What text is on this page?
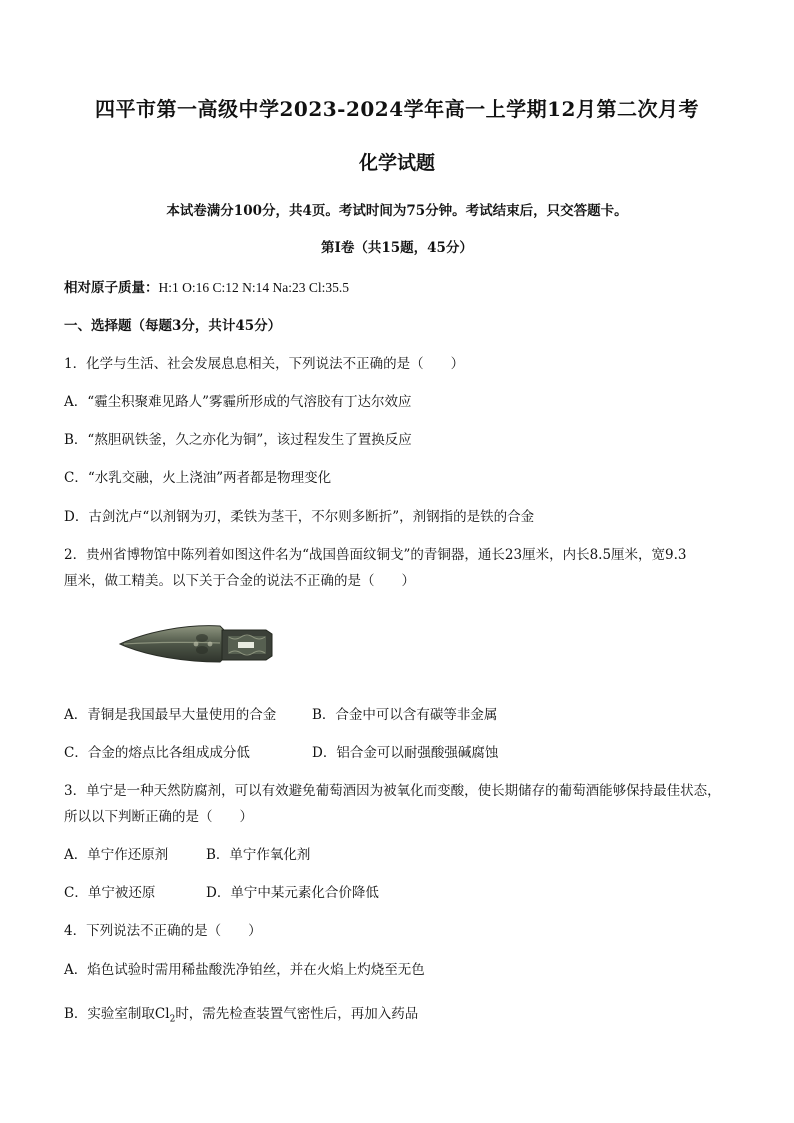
四平市第一高级中学2023-2024学年高一上学期12月第二次月考
化学试题
本试卷满分100分，共4页。考试时间为75分钟。考试结束后，只交答题卡。
第Ⅰ卷（共15题，45分）
相对原子质量：H:1 O:16 C:12 N:14 Na:23 Cl:35.5
一、选择题（每题3分，共计45分）
1．化学与生活、社会发展息息相关，下列说法不正确的是（　　）
A．“霾尘积聚难见路人”雾霾所形成的气溶胶有丁达尔效应
B．“熬胆矾铁釜，久之亦化为铜”，该过程发生了置换反应
C．“水乳交融，火上浇油”两者都是物理变化
D．古剑沈卢“以剂钢为刃，柔铁为茎干，不尔则多断折”，剂钢指的是铁的合金
2．贵州省博物馆中陈列着如图这件名为“战国兽面纹铜戈”的青铜器，通长23厘米，内长8.5厘米，宽9.3
厘米，做工精美。以下关于合金的说法不正确的是（　　）
A．青铜是我国最早大量使用的合金	B．合金中可以含有碳等非金属
C．合金的熔点比各组成成分低	D．铝合金可以耐强酸强碱腐蚀
3．单宁是一种天然防腐剂，可以有效避免葡萄酒因为被氧化而变酸，使长期储存的葡萄酒能够保持最佳状态，
所以以下判断正确的是（　　）
A．单宁作还原剂	B．单宁作氧化剂
C．单宁被还原	D．单宁中某元素化合价降低
4．下列说法不正确的是（　　）
A．焰色试验时需用稀盐酸洗净铂丝，并在火焰上灼烧至无色
B．实验室制取$Cl_2$时，需先检查装置气密性后，再加入药品
